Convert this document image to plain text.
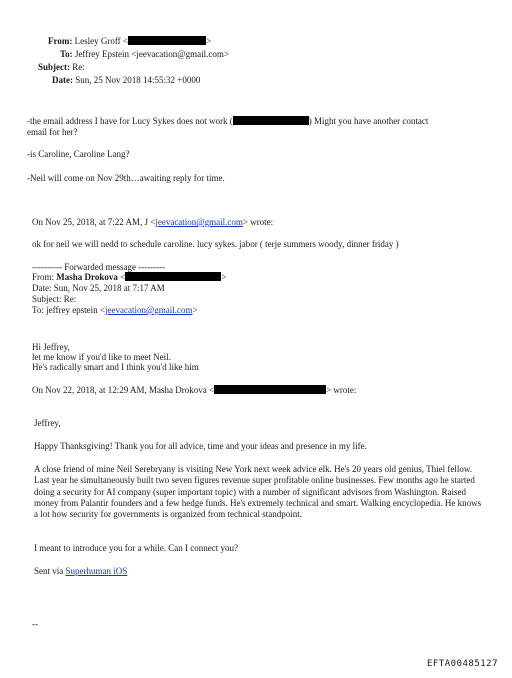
From: Lesley Groff <	>
To: Jeffrey Epstein <jeevacation@gmail.com>
Subject: Re:
Date: Sun, 25 Nov 2018 14:55:32 +0000
-the email address I have for Lucy Sykes does not work (	) Might you have another contact
email for her?
-is Caroline, Caroline Lang?
-Neil will come on Nov 29th…awaiting reply for time.
On Nov 25, 2018, at 7:22 AM, J <jeevacation@gmail.com> wrote:
ok for neil we will nedd to schedule caroline. lucy sykes. jabor ( terje summers woody, dinner friday )
---------- Forwarded message ---------
From: Masha Drokova <	>
Date: Sun, Nov 25, 2018 at 7:17 AM
Subject: Re:
To: jeffrey epstein <jeevacation@gmail.com>
Hi Jeffrey,
let me know if you'd like to meet Neil.
He's radically smart and I think you'd like him
On Nov 22, 2018, at 12:29 AM, Masha Drokova <	> wrote:
Jeffrey,
Happy Thanksgiving! Thank you for all advice, time and your ideas and presence in my life.
A close friend of mine Neil Serebryany is visiting New York next week advice elk. He's 20 years old genius, Thiel fellow. Last year he simultaneously built two seven figures revenue super profitable online businesses. Few months ago he started doing a security for AI company (super important topic) with a number of significant advisors from Washington. Raised money from Palantir founders and a few hedge funds. He's extremely technical and smart. Walking encyclopedia. He knows a lot how security for governments is organized from technical standpoint.
I meant to introduce you for a while. Can I connect you?
Sent via Superhuman iOS
--
EFTA00485127
